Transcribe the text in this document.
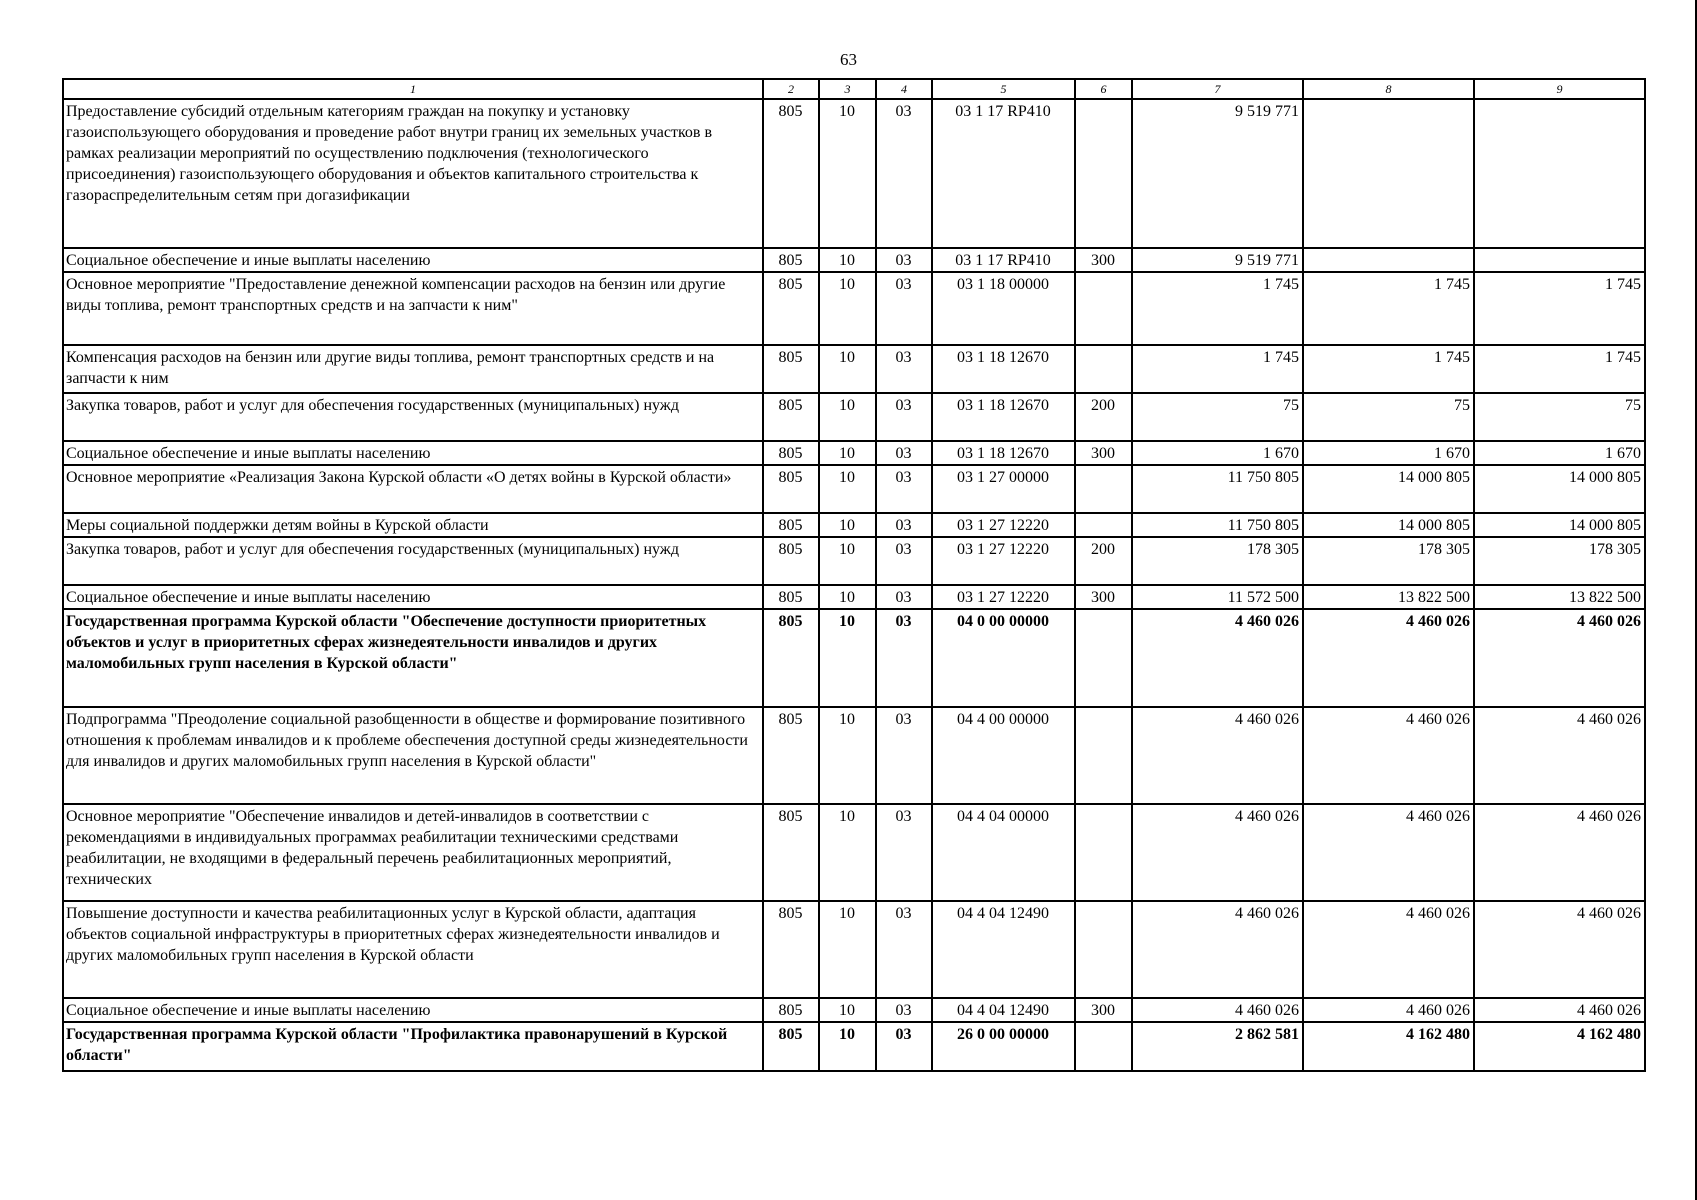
63
1	2	3	4	5	6	7	8	9
Предоставление субсидий отдельным категориям граждан на покупку и установку газоиспользующего оборудования и проведение работ внутри границ их земельных участков в рамках реализации мероприятий по осуществлению подключения (технологического присоединения) газоиспользующего оборудования и объектов капитального строительства к газораспределительным сетям при догазификации	805	10	03	03 1 17 RP410		9 519 771		
Социальное обеспечение и иные выплаты населению	805	10	03	03 1 17 RP410	300	9 519 771		
Основное мероприятие "Предоставление денежной компенсации расходов на бензин или другие виды топлива, ремонт транспортных средств и на запчасти к ним"	805	10	03	03 1 18 00000		1 745	1 745	1 745
Компенсация расходов на бензин или другие виды топлива, ремонт транспортных средств и на запчасти к ним	805	10	03	03 1 18 12670		1 745	1 745	1 745
Закупка товаров, работ и услуг для обеспечения государственных (муниципальных) нужд	805	10	03	03 1 18 12670	200	75	75	75
Социальное обеспечение и иные выплаты населению	805	10	03	03 1 18 12670	300	1 670	1 670	1 670
Основное мероприятие «Реализация Закона Курской области «О детях войны в Курской области»	805	10	03	03 1 27 00000		11 750 805	14 000 805	14 000 805
Меры социальной поддержки детям войны в Курской области	805	10	03	03 1 27 12220		11 750 805	14 000 805	14 000 805
Закупка товаров, работ и услуг для обеспечения государственных (муниципальных) нужд	805	10	03	03 1 27 12220	200	178 305	178 305	178 305
Социальное обеспечение и иные выплаты населению	805	10	03	03 1 27 12220	300	11 572 500	13 822 500	13 822 500
Государственная программа Курской области "Обеспечение доступности приоритетных объектов и услуг в приоритетных сферах жизнедеятельности инвалидов и других маломобильных групп населения в Курской области"	805	10	03	04 0 00 00000		4 460 026	4 460 026	4 460 026
Подпрограмма "Преодоление социальной разобщенности в обществе и формирование позитивного отношения к проблемам инвалидов и к проблеме обеспечения доступной среды жизнедеятельности для инвалидов и других маломобильных групп населения в Курской области"	805	10	03	04 4 00 00000		4 460 026	4 460 026	4 460 026
Основное мероприятие "Обеспечение инвалидов и детей-инвалидов в соответствии с рекомендациями в индивидуальных программах реабилитации техническими средствами реабилитации, не входящими в федеральный перечень реабилитационных мероприятий, технических	805	10	03	04 4 04 00000		4 460 026	4 460 026	4 460 026
Повышение доступности и качества реабилитационных услуг в Курской области, адаптация объектов социальной инфраструктуры в приоритетных сферах жизнедеятельности инвалидов и других маломобильных групп населения в Курской области	805	10	03	04 4 04 12490		4 460 026	4 460 026	4 460 026
Социальное обеспечение и иные выплаты населению	805	10	03	04 4 04 12490	300	4 460 026	4 460 026	4 460 026
Государственная программа Курской области "Профилактика правонарушений в Курской области"	805	10	03	26 0 00 00000		2 862 581	4 162 480	4 162 480
